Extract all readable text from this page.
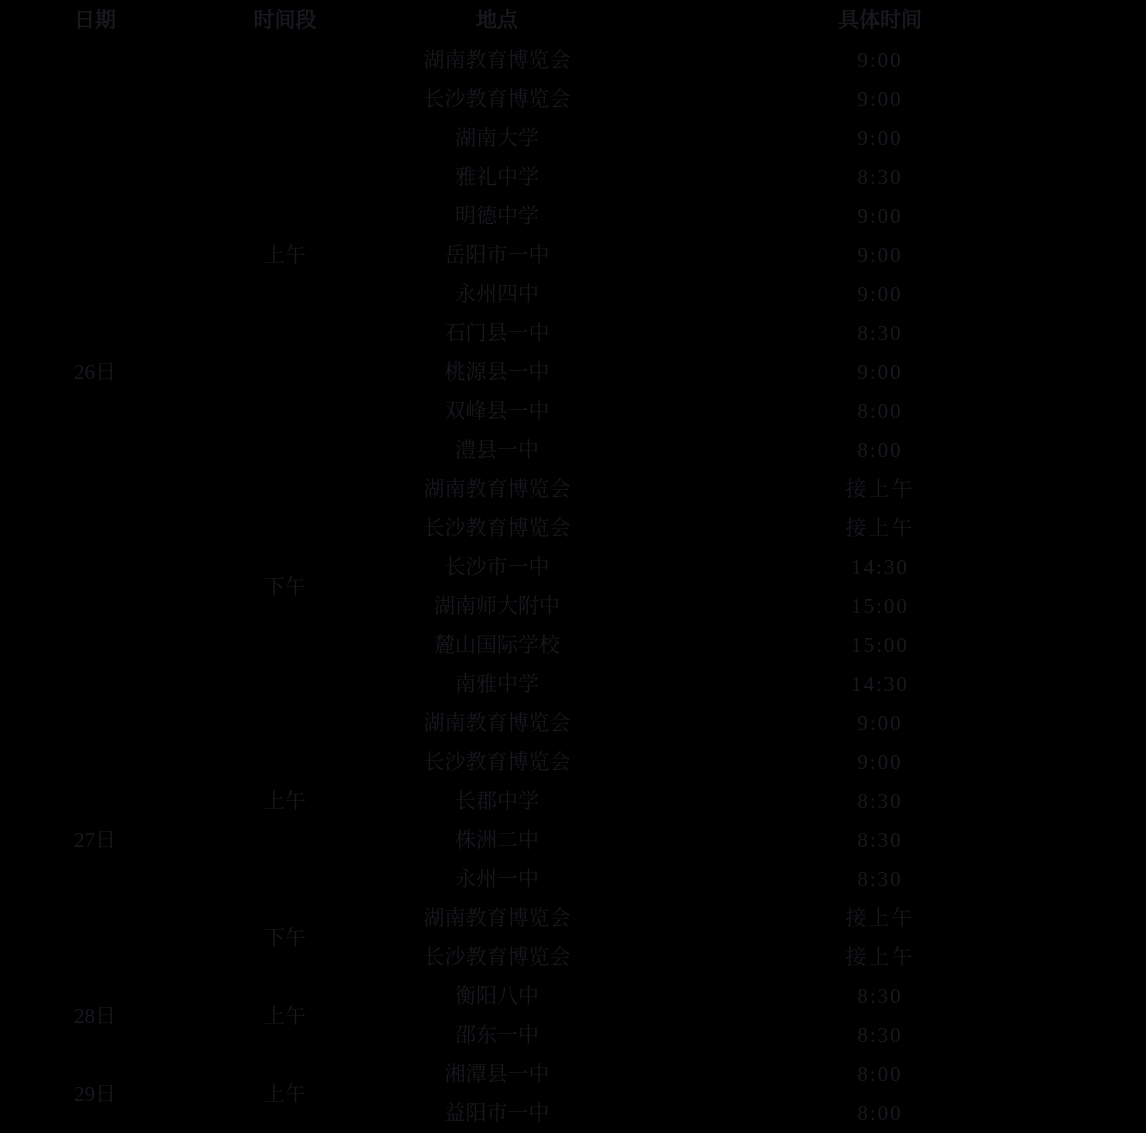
日期	时间段	地点	具体时间
26日	上午	湖南教育博览会	9:00
		长沙教育博览会	9:00
		湖南大学	9:00
		雅礼中学	8:30
		明德中学	9:00
		岳阳市一中	9:00
		永州四中	9:00
		石门县一中	8:30
		桃源县一中	9:00
		双峰县一中	8:00
		澧县一中	8:00
	下午	湖南教育博览会	接上午
		长沙教育博览会	接上午
		长沙市一中	14:30
		湖南师大附中	15:00
		麓山国际学校	15:00
		南雅中学	14:30
27日	上午	湖南教育博览会	9:00
		长沙教育博览会	9:00
		长郡中学	8:30
		株洲二中	8:30
		永州一中	8:30
	下午	湖南教育博览会	接上午
		长沙教育博览会	接上午
28日	上午	衡阳八中	8:30
		邵东一中	8:30
29日	上午	湘潭县一中	8:00
		益阳市一中	8:00
